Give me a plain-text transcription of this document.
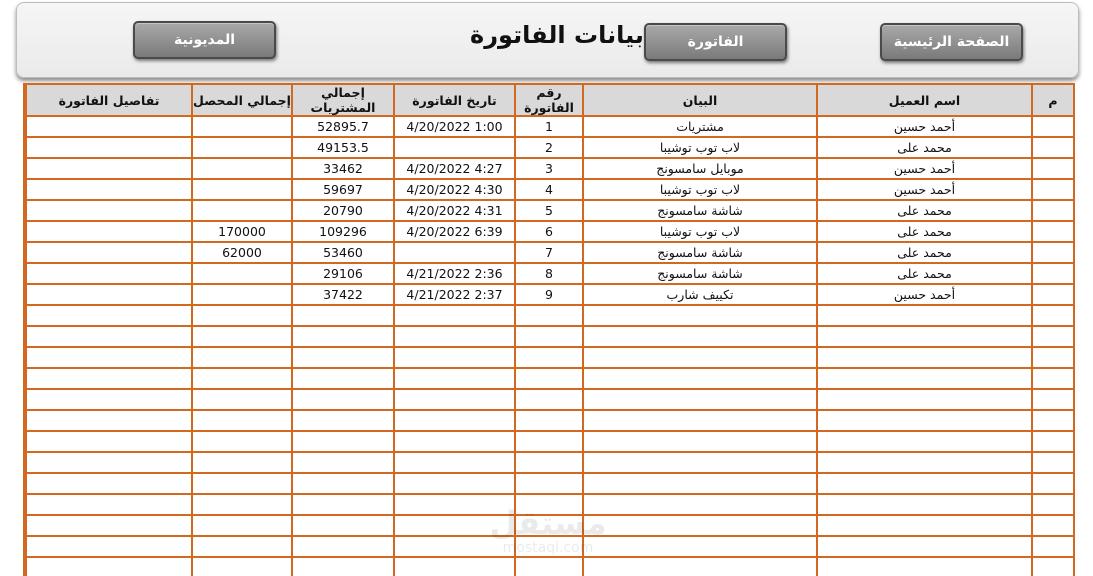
الصفحة الرئيسية
الفاتورة
بيانات الفاتورة
المديونية
م	اسم العميل	البيان	رقم الفاتورة	تاريخ الفاتورة	إجمالي المشتريات	إجمالي المحصل	تفاصيل الفاتورة
	أحمد حسين	مشتريات	1	4/20/2022 1:00	52895.7		
	محمد على	لاب توب توشيبا	2		49153.5		
	أحمد حسين	موبايل سامسونج	3	4/20/2022 4:27	33462		
	أحمد حسين	لاب توب توشيبا	4	4/20/2022 4:30	59697		
	محمد على	شاشة سامسونج	5	4/20/2022 4:31	20790		
	محمد على	لاب توب توشيبا	6	4/20/2022 6:39	109296	170000	
	محمد على	شاشة سامسونج	7		53460	62000	
	محمد على	شاشة سامسونج	8	4/21/2022 2:36	29106		
	أحمد حسين	تكييف شارب	9	4/21/2022 2:37	37422		

مستقل
mostaql.com
